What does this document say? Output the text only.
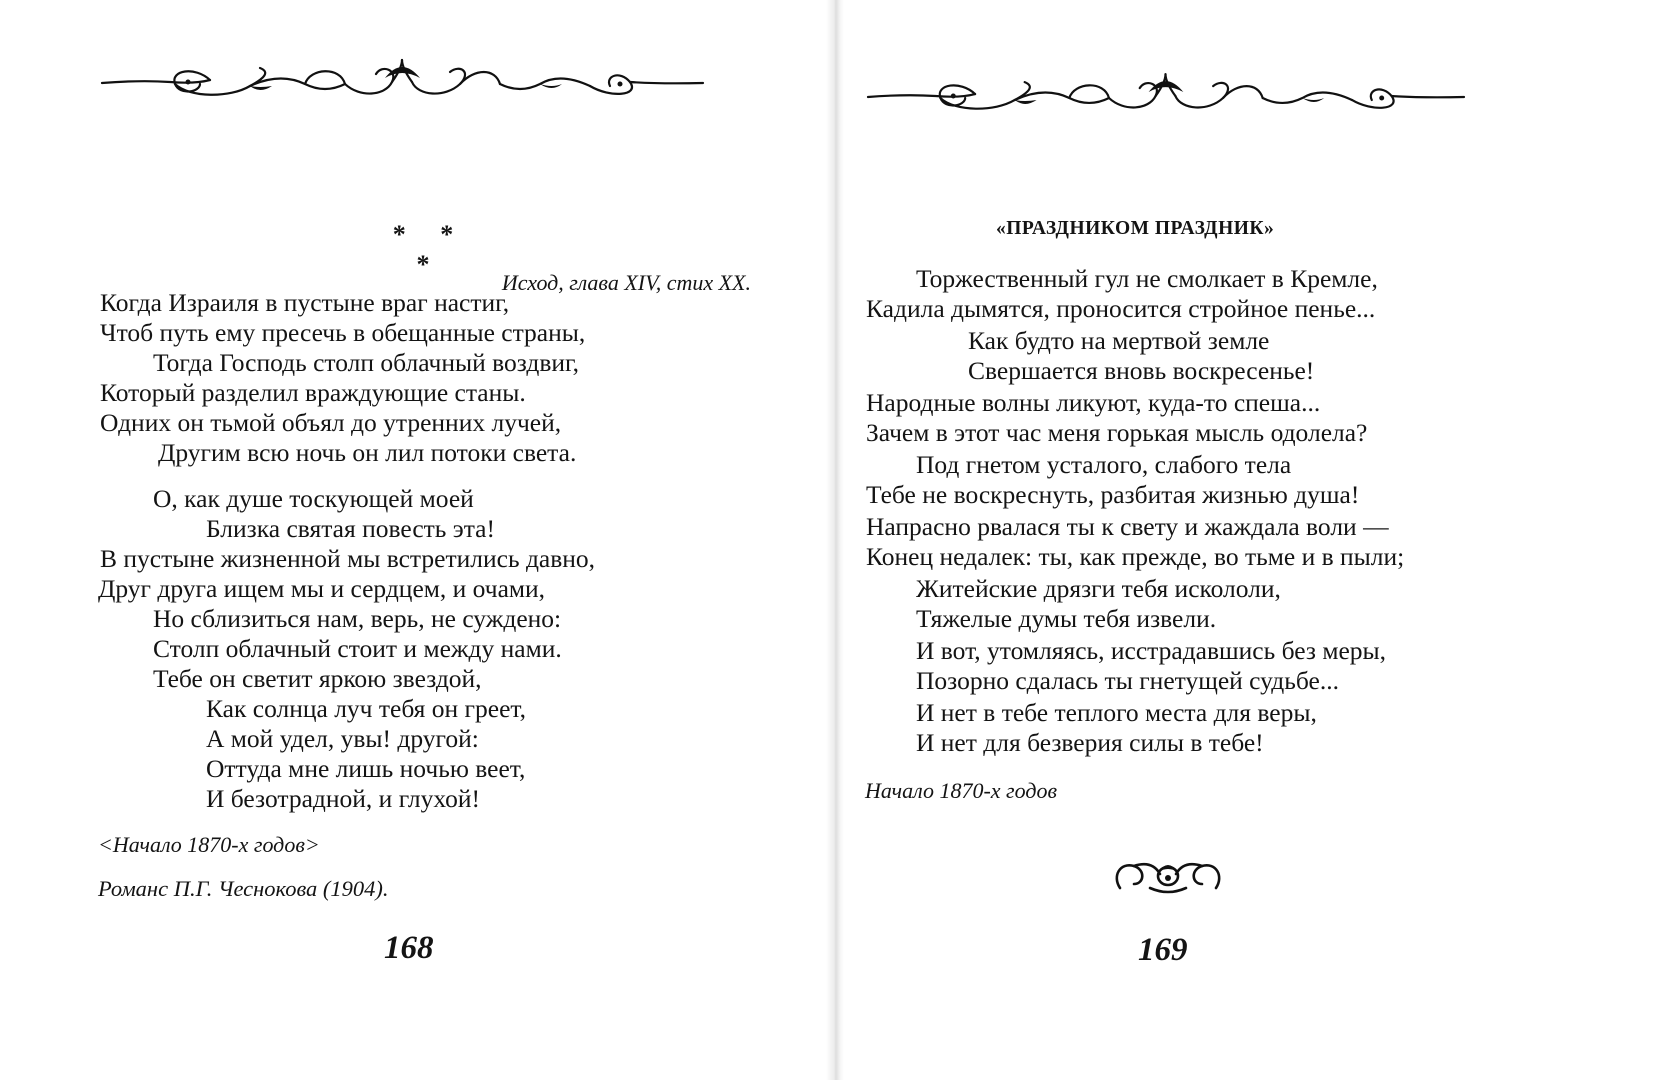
* * *
Исход, глава XIV, стих XX.
Когда Израиля в пустыне враг настиг,
Чтоб путь ему пресечь в обещанные страны,
Тогда Господь столп облачный воздвиг,
Который разделил враждующие станы.
Одних он тьмой объял до утренних лучей,
Другим всю ночь он лил потоки света.
О, как душе тоскующей моей
Близка святая повесть эта!
В пустыне жизненной мы встретились давно,
Друг друга ищем мы и сердцем, и очами,
Но сблизиться нам, верь, не суждено:
Столп облачный стоит и между нами.
Тебе он светит яркою звездой,
Как солнца луч тебя он греет,
А мой удел, увы! другой:
Оттуда мне лишь ночью веет,
И безотрадной, и глухой!
<Начало 1870-х годов>
Романс П.Г. Чеснокова (1904).
168
«ПРАЗДНИКОМ ПРАЗДНИК»
Торжественный гул не смолкает в Кремле,
Кадила дымятся, проносится стройное пенье...
Как будто на мертвой земле
Свершается вновь воскресенье!
Народные волны ликуют, куда-то спеша...
Зачем в этот час меня горькая мысль одолела?
Под гнетом усталого, слабого тела
Тебе не воскреснуть, разбитая жизнью душа!
Напрасно рвалася ты к свету и жаждала воли —
Конец недалек: ты, как прежде, во тьме и в пыли;
Житейские дрязги тебя искололи,
Тяжелые думы тебя извели.
И вот, утомляясь, исстрадавшись без меры,
Позорно сдалась ты гнетущей судьбе...
И нет в тебе теплого места для веры,
И нет для безверия силы в тебе!
Начало 1870-х годов
169
